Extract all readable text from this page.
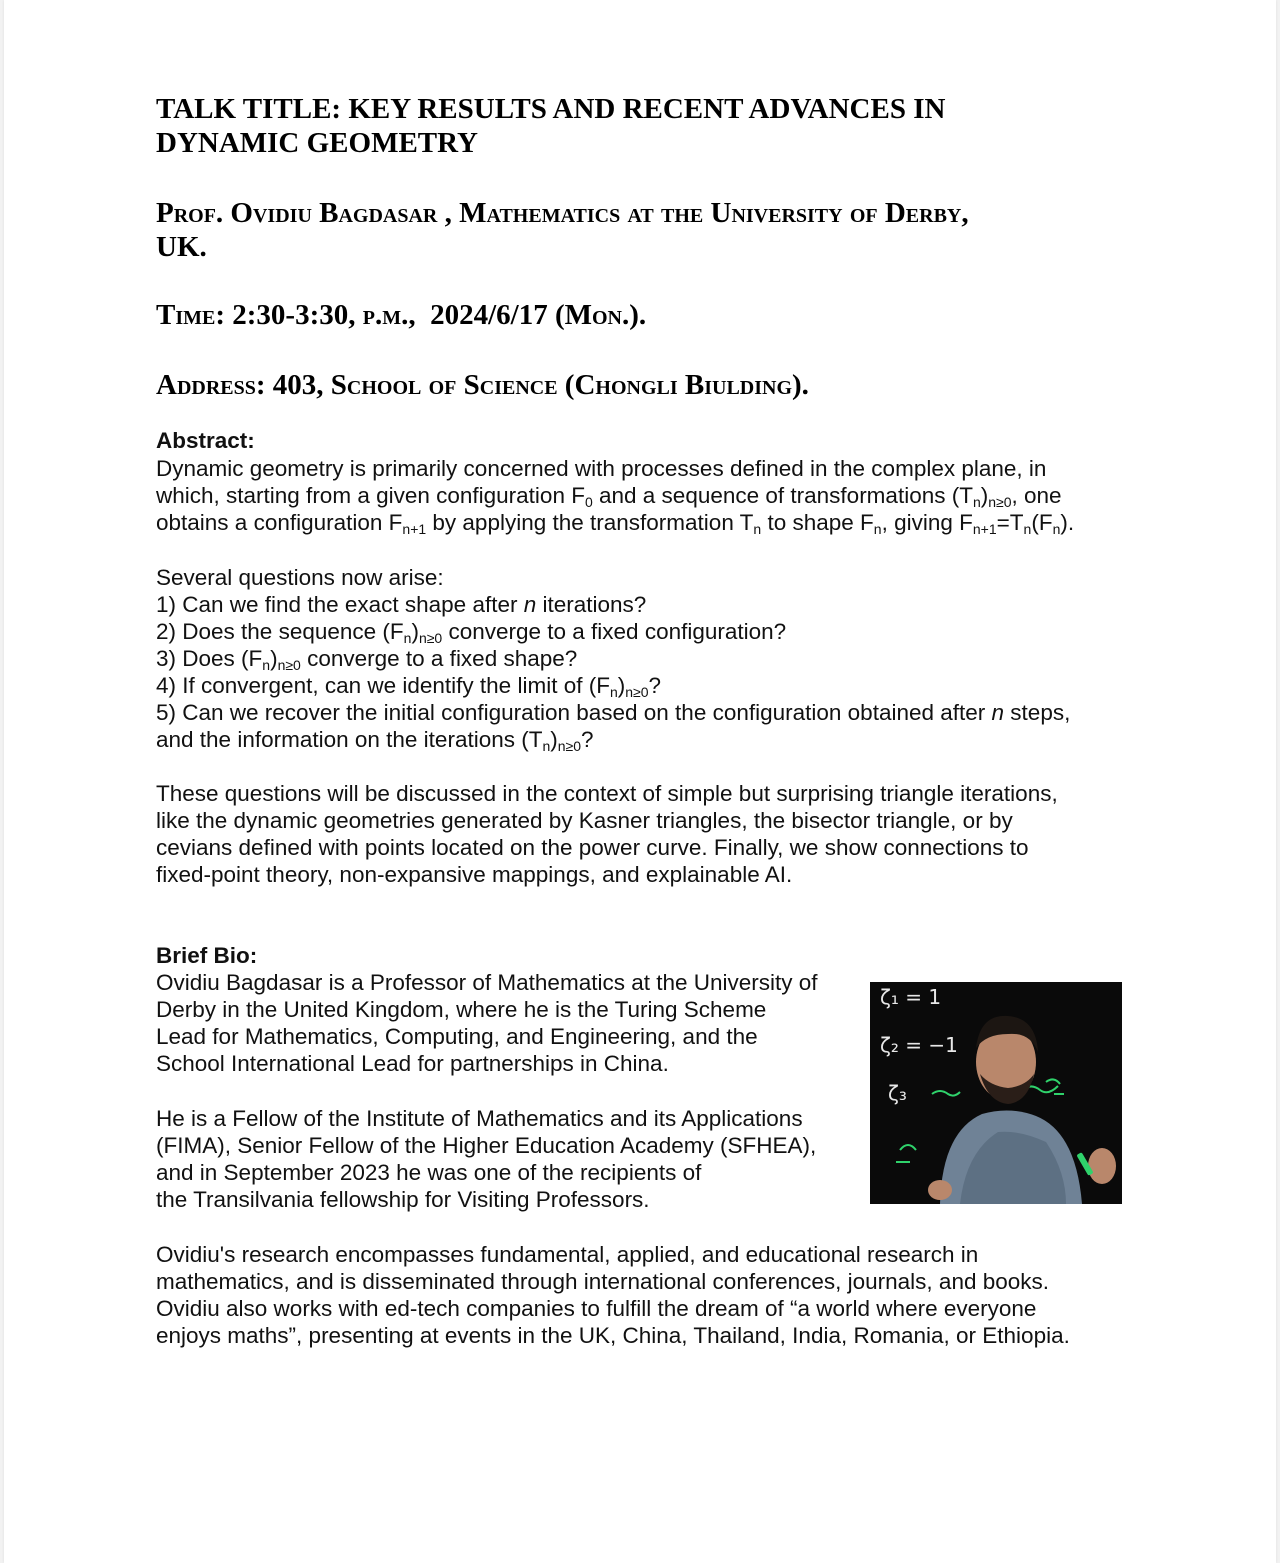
TALK TITLE: KEY RESULTS AND RECENT ADVANCES IN
DYNAMIC GEOMETRY
Prof. Ovidiu Bagdasar , Mathematics at the University of Derby,
UK.
Time: 2:30-3:30, p.m., 2024/6/17 (Mon.).
Address: 403, School of Science (Chongli Biulding).
Abstract:
Dynamic geometry is primarily concerned with processes defined in the complex plane, in
which, starting from a given configuration $F_0$ and a sequence of transformations $(T_n)_{n\ge 0}$, one
obtains a configuration $F_{n+1}$ by applying the transformation $T_n$ to shape $F_n$, giving $F_{n+1}=T_n(F_n)$.
Several questions now arise:
1) Can we find the exact shape after n iterations?
2) Does the sequence $(F_n)_{n\ge 0}$ converge to a fixed configuration?
3) Does $(F_n)_{n\ge 0}$ converge to a fixed shape?
4) If convergent, can we identify the limit of $(F_n)_{n\ge 0}$?
5) Can we recover the initial configuration based on the configuration obtained after n steps,
and the information on the iterations $(T_n)_{n\ge 0}$?
These questions will be discussed in the context of simple but surprising triangle iterations,
like the dynamic geometries generated by Kasner triangles, the bisector triangle, or by
cevians defined with points located on the power curve. Finally, we show connections to
fixed-point theory, non-expansive mappings, and explainable AI.
Brief Bio:
Ovidiu Bagdasar is a Professor of Mathematics at the University of
Derby in the United Kingdom, where he is the Turing Scheme
Lead for Mathematics, Computing, and Engineering, and the
School International Lead for partnerships in China.
He is a Fellow of the Institute of Mathematics and its Applications
(FIMA), Senior Fellow of the Higher Education Academy (SFHEA),
and in September 2023 he was one of the recipients of
the Transilvania fellowship for Visiting Professors.
ζ₁ = 1
ζ₂ = −1
ζ₃
Ovidiu's research encompasses fundamental, applied, and educational research in
mathematics, and is disseminated through international conferences, journals, and books.
Ovidiu also works with ed-tech companies to fulfill the dream of “a world where everyone
enjoys maths”, presenting at events in the UK, China, Thailand, India, Romania, or Ethiopia.
